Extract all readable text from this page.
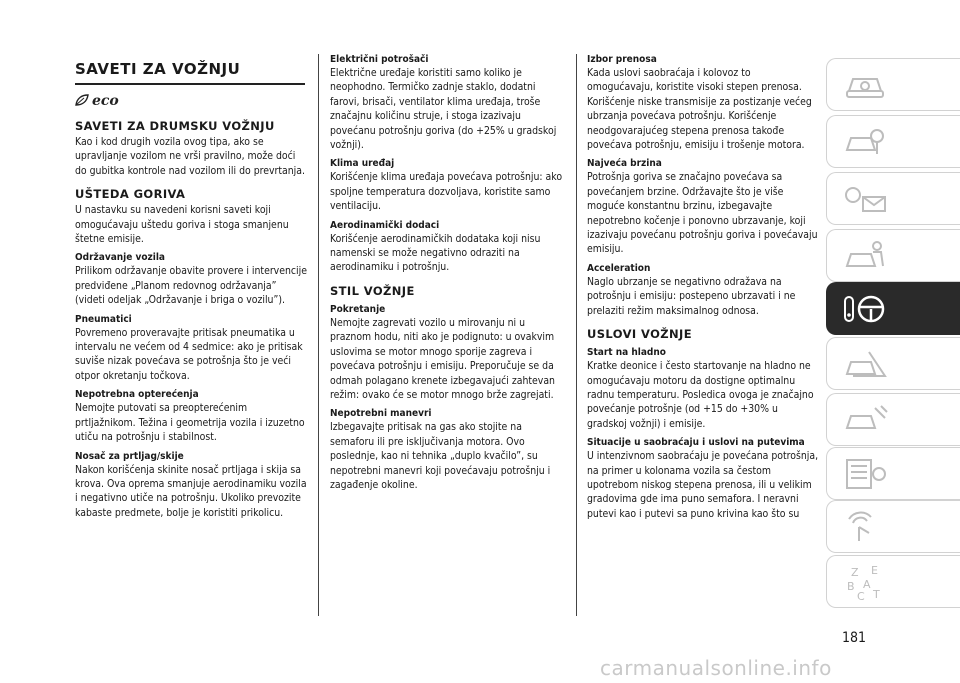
SAVETI ZA VOŽNJU
eco
SAVETI ZA DRUMSKU VOŽNJU

Kao i kod drugih vozila ovog tipa, ako se upravljanje vozilom ne vrši pravilno, može doći do gubitka kontrole nad vozilom ili do prevrtanja.

UŠTEDA GORIVA

U nastavku su navedeni korisni saveti koji omogućavaju uštedu goriva i stoga smanjenu štetne emisije.

Održavanje vozila

Prilikom održavanje obavite provere i intervencije predviđene „Planom redovnog održavanja” (videti odeljak „Održavanje i briga o vozilu”).

Pneumatici

Povremeno proveravajte pritisak pneumatika u intervalu ne većem od 4 sedmice: ako je pritisak suviše nizak povećava se potrošnja što je veći otpor okretanju točkova.

Nepotrebna opterećenja

Nemojte putovati sa preopterećenim prtljažnikom. Težina i geometrija vozila i izuzetno utiču na potrošnju i stabilnost.

Nosač za prtljag/skije

Nakon korišćenja skinite nosač prtljaga i skija sa krova. Ova oprema smanjuje aerodinamiku vozila i negativno utiče na potrošnju. Ukoliko prevozite kabaste predmete, bolje je koristiti prikolicu.

Električni potrošači

Električne uređaje koristiti samo koliko je neophodno. Termičko zadnje staklo, dodatni farovi, brisači, ventilator klima uređaja, troše značajnu količinu struje, i stoga izazivaju povećanu potrošnju goriva (do +25% u gradskoj vožnji).

Klima uređaj

Korišćenje klima uređaja povećava potrošnju: ako spoljne temperatura dozvoljava, koristite samo ventilaciju.

Aerodinamički dodaci

Korišćenje aerodinamičkih dodataka koji nisu namenski se može negativno odraziti na aerodinamiku i potrošnju.

STIL VOŽNJE
Pokretanje

Nemojte zagrevati vozilo u mirovanju ni u praznom hodu, niti ako je podignuto: u ovakvim uslovima se motor mnogo sporije zagreva i povećava potrošnju i emisiju. Preporučuje se da odmah polagano krenete izbegavajući zahtevan režim: ovako će se motor mnogo brže zagrejati.

Nepotrebni manevri

Izbegavajte pritisak na gas ako stojite na semaforu ili pre isključivanja motora. Ovo poslednje, kao ni tehnika „duplo kvačilo”, su nepotrebni manevri koji povećavaju potrošnju i zagađenje okoline.

Izbor prenosa

Kada uslovi saobraćaja i kolovoz to omogućavaju, koristite visoki stepen prenosa. Korišćenje niske transmisije za postizanje većeg ubrzanja povećava potrošnju. Korišćenje neodgovarajućeg stepena prenosa takođe povećava potrošnju, emisiju i trošenje motora.

Najveća brzina

Potrošnja goriva se značajno povećava sa povećanjem brzine. Održavajte što je više moguće konstantnu brzinu, izbegavajte nepotrebno kočenje i ponovno ubrzavanje, koji izazivaju povećanu potrošnju goriva i povećavaju emisiju.

Acceleration

Naglo ubrzanje se negativno odražava na potrošnju i emisiju: postepeno ubrzavati i ne prelaziti režim maksimalnog odnosa.

USLOVI VOŽNJE
Start na hladno

Kratke deonice i često startovanje na hladno ne omogućavaju motoru da dostigne optimalnu radnu temperaturu. Posledica ovoga je značajno povećanje potrošnje (od +15 do +30% u gradskoj vožnji) i emisije.

Situacije u saobraćaju i uslovi na putevima

U intenzivnom saobraćaju je povećana potrošnja, na primer u kolonama vozila sa čestom upotrebom niskog stepena prenosa, ili u velikim gradovima gde ima puno semafora. I neravni putevi kao i putevi sa puno krivina kao što su

Z E
B A
C T
181
carmanualsonline.info
